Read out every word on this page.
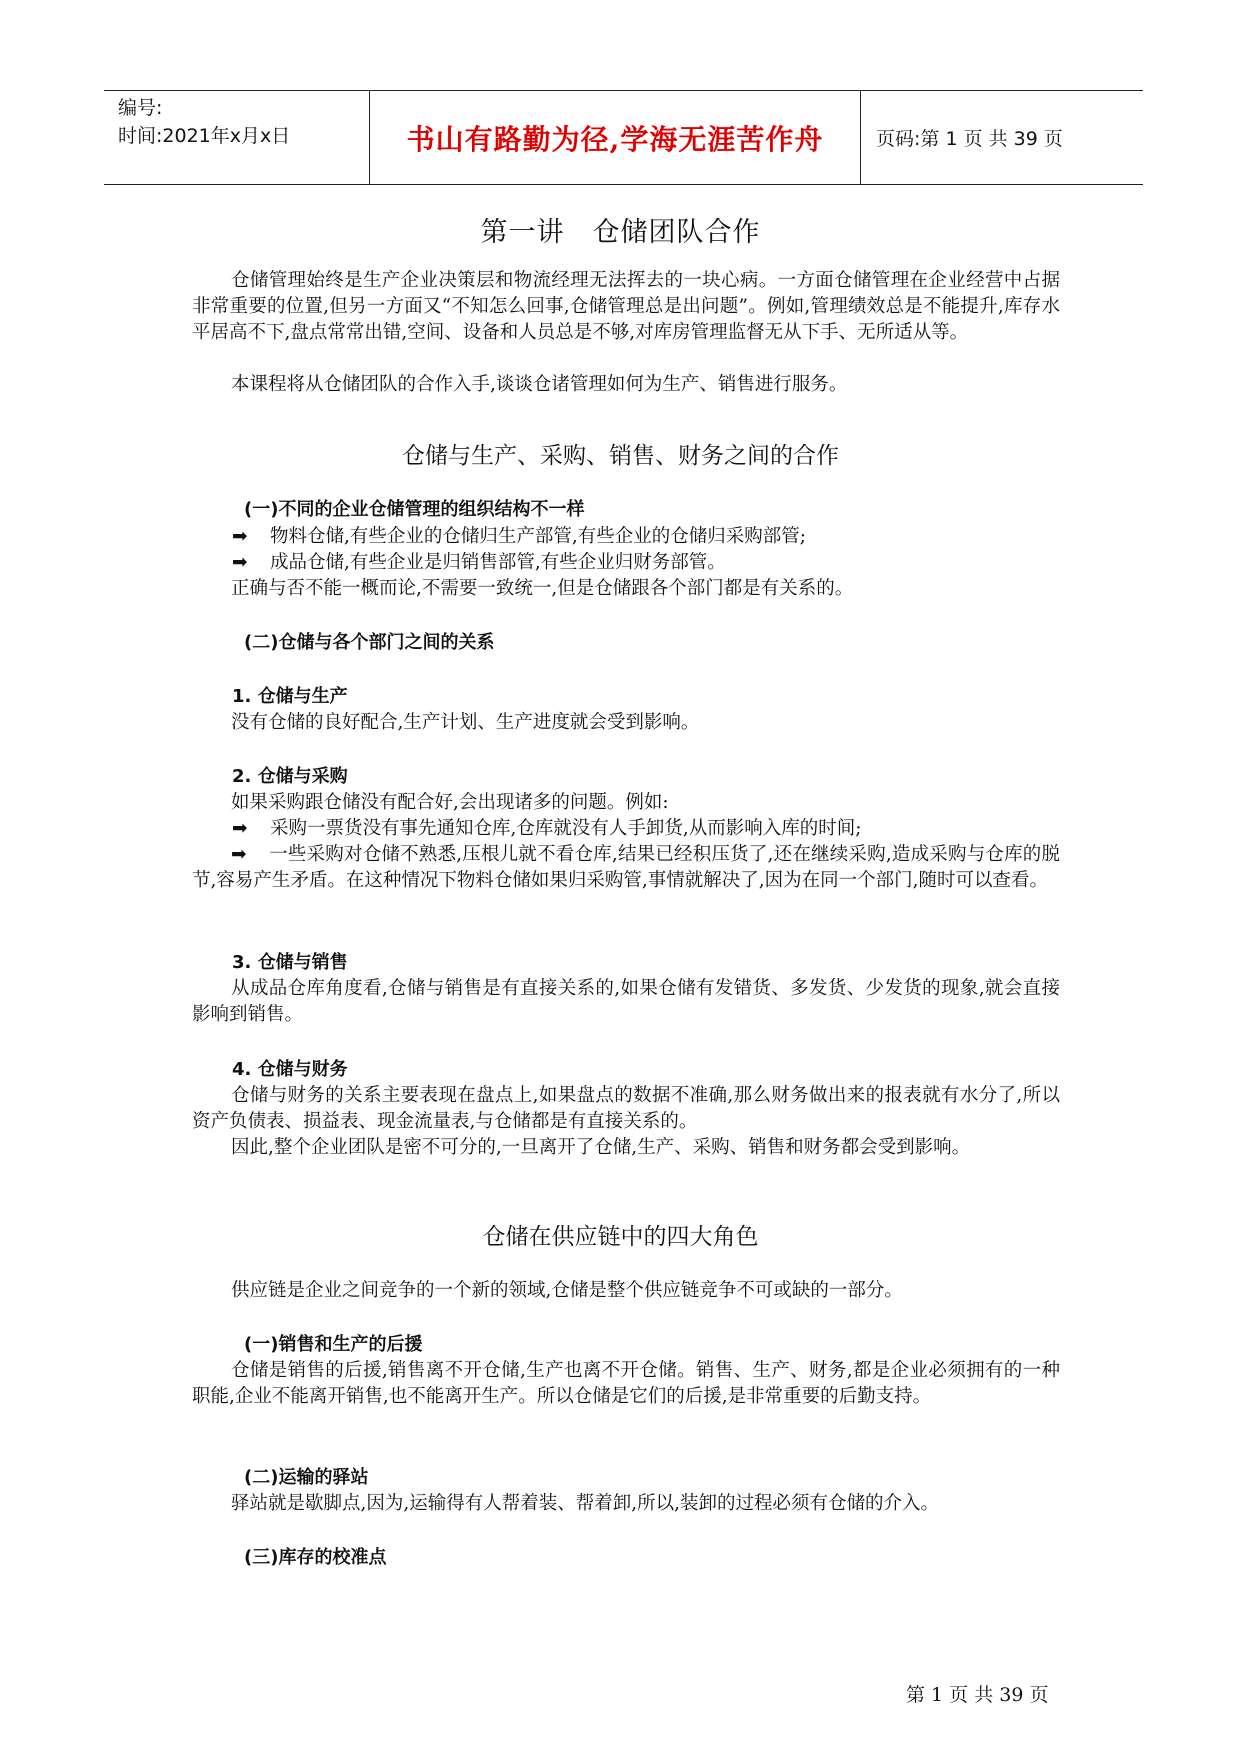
编号:
时间:2021年x月x日	书山有路勤为径,学海无涯苦作舟	页码:第 1 页 共 39 页
第一讲　仓储团队合作

仓储管理始终是生产企业决策层和物流经理无法挥去的一块心病。一方面仓储管理在企业经营中占据非常重要的位置,但另一方面又“不知怎么回事,仓储管理总是出问题”。例如,管理绩效总是不能提升,库存水平居高不下,盘点常常出错,空间、设备和人员总是不够,对库房管理监督无从下手、无所适从等。

本课程将从仓储团队的合作入手,谈谈仓诸管理如何为生产、销售进行服务。

仓储与生产、采购、销售、财务之间的合作
(一)不同的企业仓储管理的组织结构不一样
➡ 物料仓储,有些企业的仓储归生产部管,有些企业的仓储归采购部管;
➡ 成品仓储,有些企业是归销售部管,有些企业归财务部管。
正确与否不能一概而论,不需要一致统一,但是仓储跟各个部门都是有关系的。
(二)仓储与各个部门之间的关系
1. 仓储与生产
没有仓储的良好配合,生产计划、生产进度就会受到影响。
2. 仓储与采购
如果采购跟仓储没有配合好,会出现诸多的问题。例如:
➡ 采购一票货没有事先通知仓库,仓库就没有人手卸货,从而影响入库的时间;

➡ 一些采购对仓储不熟悉,压根儿就不看仓库,结果已经积压货了,还在继续采购,造成采购与仓库的脱节,容易产生矛盾。在这种情况下物料仓储如果归采购管,事情就解决了,因为在同一个部门,随时可以查看。

3. 仓储与销售

从成品仓库角度看,仓储与销售是有直接关系的,如果仓储有发错货、多发货、少发货的现象,就会直接影响到销售。

4. 仓储与财务

仓储与财务的关系主要表现在盘点上,如果盘点的数据不准确,那么财务做出来的报表就有水分了,所以资产负债表、损益表、现金流量表,与仓储都是有直接关系的。

因此,整个企业团队是密不可分的,一旦离开了仓储,生产、采购、销售和财务都会受到影响。

仓储在供应链中的四大角色
供应链是企业之间竞争的一个新的领域,仓储是整个供应链竞争不可或缺的一部分。
(一)销售和生产的后援

仓储是销售的后援,销售离不开仓储,生产也离不开仓储。销售、生产、财务,都是企业必须拥有的一种职能,企业不能离开销售,也不能离开生产。所以仓储是它们的后援,是非常重要的后勤支持。

(二)运输的驿站
驿站就是歇脚点,因为,运输得有人帮着装、帮着卸,所以,装卸的过程必须有仓储的介入。
(三)库存的校准点
第 1 页 共 39 页
